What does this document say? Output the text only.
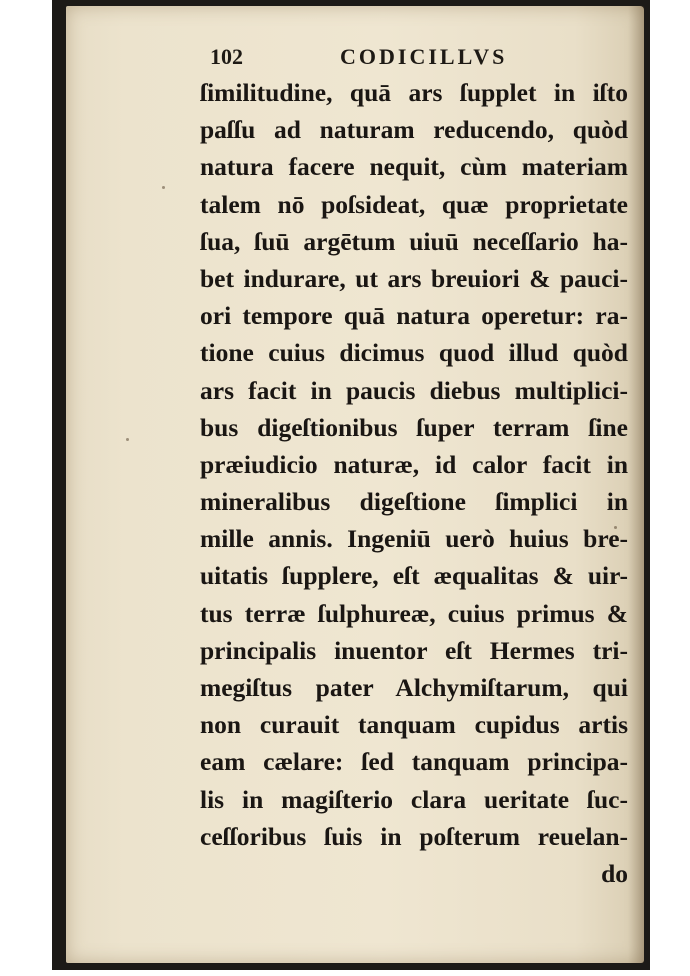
102	CODICILLVS
ſimilitudine, quā ars ſupplet in iſto
paſſu ad naturam reducendo, quòd
natura facere nequit, cùm materiam
talem nō poſsideat, quæ proprietate
ſua, ſuū argētum uiuū neceſſario ha-
bet indurare, ut ars breuiori & pauci-
ori tempore quā natura operetur: ra-
tione cuius dicimus quod illud quòd
ars facit in paucis diebus multiplici-
bus digeſtionibus ſuper terram ſine
præiudicio naturæ, id calor facit in
mineralibus digeſtione ſimplici in
mille annis. Ingeniū uerò huius bre-
uitatis ſupplere, eſt æqualitas & uir-
tus terræ ſulphureæ, cuius primus &
principalis inuentor eſt Hermes tri-
megiſtus pater Alchymiſtarum, qui
non curauit tanquam cupidus artis
eam cælare: ſed tanquam principa-
lis in magiſterio clara ueritate ſuc-
ceſſoribus ſuis in poſterum reuelan-
do
